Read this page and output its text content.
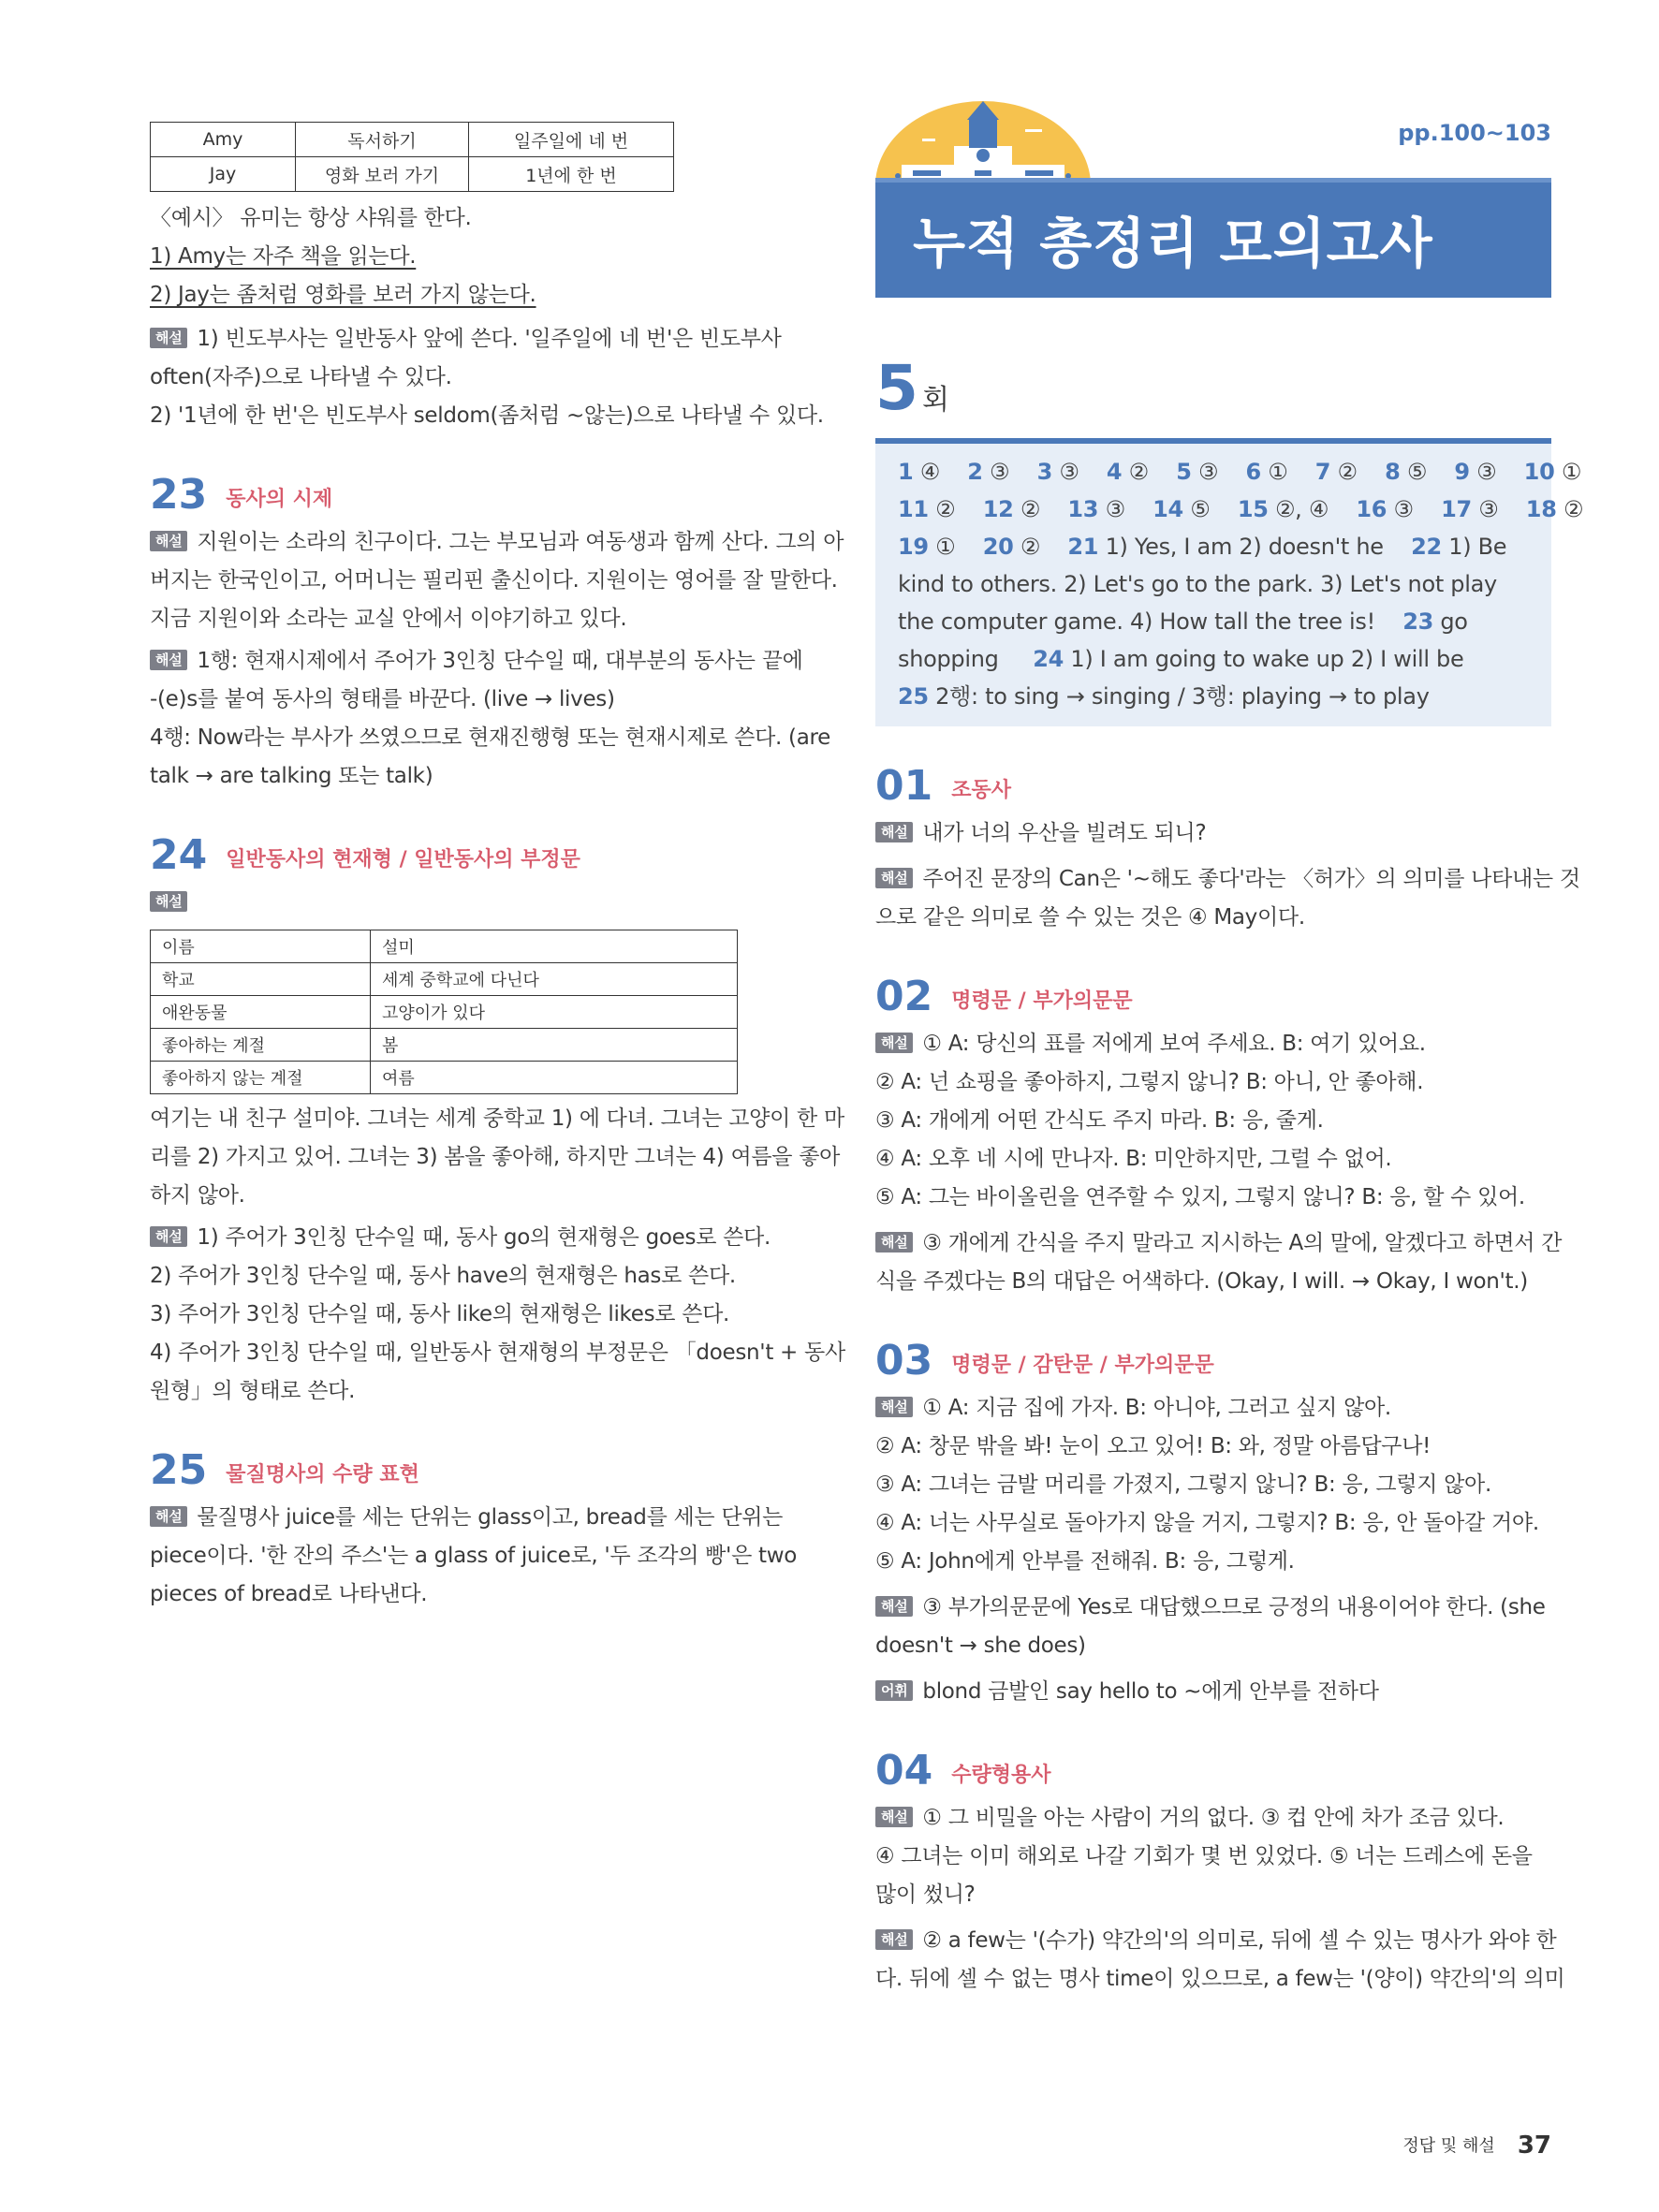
Amy	독서하기	일주일에 네 번
Jay	영화 보러 가기	1년에 한 번

〈예시〉 유미는 항상 샤워를 한다.

1) Amy는 자주 책을 읽는다.

2) Jay는 좀처럼 영화를 보러 가지 않는다.

해설 1) 빈도부사는 일반동사 앞에 쓴다. '일주일에 네 번'은 빈도부사

often(자주)으로 나타낼 수 있다.

2) '1년에 한 번'은 빈도부사 seldom(좀처럼 ~않는)으로 나타낼 수 있다.

23 동사의 시제

해설 지원이는 소라의 친구이다. 그는 부모님과 여동생과 함께 산다. 그의 아

버지는 한국인이고, 어머니는 필리핀 출신이다. 지원이는 영어를 잘 말한다.

지금 지원이와 소라는 교실 안에서 이야기하고 있다.

해설 1행: 현재시제에서 주어가 3인칭 단수일 때, 대부분의 동사는 끝에

-(e)s를 붙여 동사의 형태를 바꾼다. (live → lives)

4행: Now라는 부사가 쓰였으므로 현재진행형 또는 현재시제로 쓴다. (are

talk → are talking 또는 talk)

24 일반동사의 현재형 / 일반동사의 부정문

해설

이름	설미
학교	세계 중학교에 다닌다
애완동물	고양이가 있다
좋아하는 계절	봄
좋아하지 않는 계절	여름

여기는 내 친구 설미야. 그녀는 세계 중학교 1) 에 다녀. 그녀는 고양이 한 마

리를 2) 가지고 있어. 그녀는 3) 봄을 좋아해, 하지만 그녀는 4) 여름을 좋아

하지 않아.

해설 1) 주어가 3인칭 단수일 때, 동사 go의 현재형은 goes로 쓴다.

2) 주어가 3인칭 단수일 때, 동사 have의 현재형은 has로 쓴다.

3) 주어가 3인칭 단수일 때, 동사 like의 현재형은 likes로 쓴다.

4) 주어가 3인칭 단수일 때, 일반동사 현재형의 부정문은 「doesn't + 동사

원형」의 형태로 쓴다.

25 물질명사의 수량 표현

해설 물질명사 juice를 세는 단위는 glass이고, bread를 세는 단위는

piece이다. '한 잔의 주스'는 a glass of juice로, '두 조각의 빵'은 two

pieces of bread로 나타낸다.

pp.100~103
누적 총정리 모의고사
5 회

1 ④ 2 ③ 3 ③ 4 ② 5 ③ 6 ① 7 ② 8 ⑤ 9 ③ 10 ①

11 ② 12 ② 13 ③ 14 ⑤ 15 ②, ④ 16 ③ 17 ③ 18 ②

19 ① 20 ② 21 1) Yes, I am 2) doesn't he 22 1) Be

kind to others. 2) Let's go to the park. 3) Let's not play

the computer game. 4) How tall the tree is! 23 go

shopping 24 1) I am going to wake up 2) I will be

25 2행: to sing → singing / 3행: playing → to play

01 조동사

해설 내가 너의 우산을 빌려도 되니?

해설 주어진 문장의 Can은 '~해도 좋다'라는 〈허가〉의 의미를 나타내는 것

으로 같은 의미로 쓸 수 있는 것은 ④ May이다.

02 명령문 / 부가의문문

해설 ① A: 당신의 표를 저에게 보여 주세요. B: 여기 있어요.

② A: 넌 쇼핑을 좋아하지, 그렇지 않니? B: 아니, 안 좋아해.

③ A: 개에게 어떤 간식도 주지 마라. B: 응, 줄게.

④ A: 오후 네 시에 만나자. B: 미안하지만, 그럴 수 없어.

⑤ A: 그는 바이올린을 연주할 수 있지, 그렇지 않니? B: 응, 할 수 있어.

해설 ③ 개에게 간식을 주지 말라고 지시하는 A의 말에, 알겠다고 하면서 간

식을 주겠다는 B의 대답은 어색하다. (Okay, I will. → Okay, I won't.)

03 명령문 / 감탄문 / 부가의문문

해설 ① A: 지금 집에 가자. B: 아니야, 그러고 싶지 않아.

② A: 창문 밖을 봐! 눈이 오고 있어! B: 와, 정말 아름답구나!

③ A: 그녀는 금발 머리를 가졌지, 그렇지 않니? B: 응, 그렇지 않아.

④ A: 너는 사무실로 돌아가지 않을 거지, 그렇지? B: 응, 안 돌아갈 거야.

⑤ A: John에게 안부를 전해줘. B: 응, 그렇게.

해설 ③ 부가의문문에 Yes로 대답했으므로 긍정의 내용이어야 한다. (she

doesn't → she does)

어휘 blond 금발인 say hello to ~에게 안부를 전하다

04 수량형용사

해설 ① 그 비밀을 아는 사람이 거의 없다. ③ 컵 안에 차가 조금 있다.

④ 그녀는 이미 해외로 나갈 기회가 몇 번 있었다. ⑤ 너는 드레스에 돈을

많이 썼니?

해설 ② a few는 '(수가) 약간의'의 의미로, 뒤에 셀 수 있는 명사가 와야 한

다. 뒤에 셀 수 없는 명사 time이 있으므로, a few는 '(양이) 약간의'의 의미

정답 및 해설 37
